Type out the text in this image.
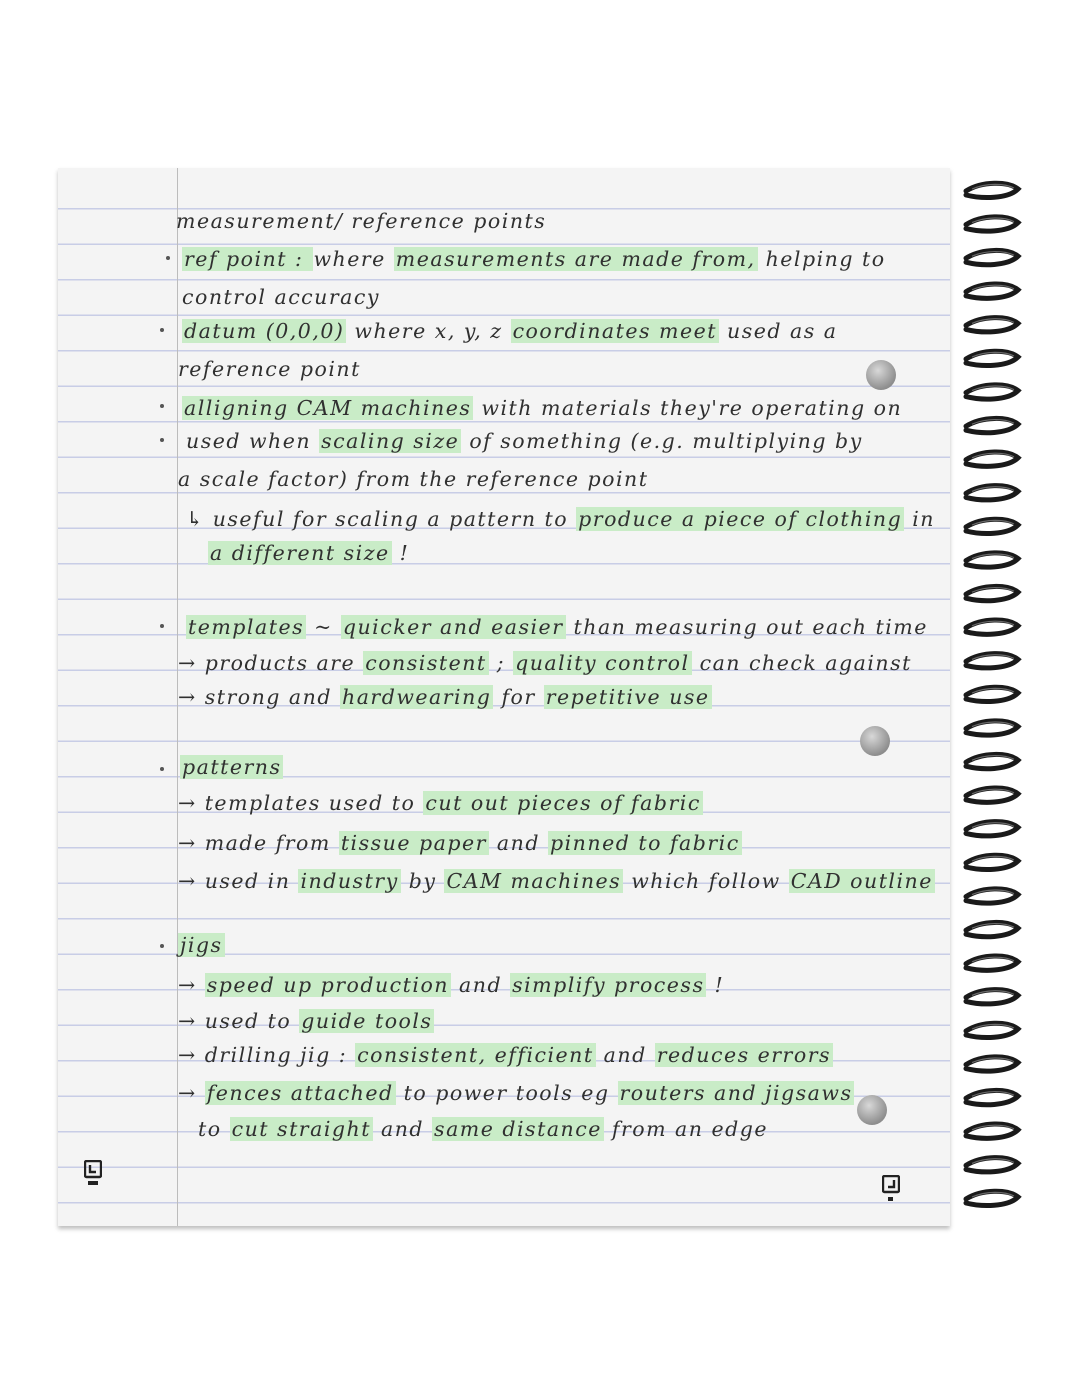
measurement/ reference points
ref point : where measurements are made from, helping to
control accuracy
datum (0,0,0) where x, y, z coordinates meet used as a
reference point
alligning CAM machines with materials they're operating on
used when scaling size of something (e.g. multiplying by
a scale factor) from the reference point
↳ useful for scaling a pattern to produce a piece of clothing in
a different size !
templates ~ quicker and easier than measuring out each time
→ products are consistent ; quality control can check against
→ strong and hardwearing for repetitive use
patterns
→ templates used to cut out pieces of fabric
→ made from tissue paper and pinned to fabric
→ used in industry by CAM machines which follow CAD outline
jigs
→ speed up production and simplify process !
→ used to guide tools
→ drilling jig : consistent, efficient and reduces errors
→ fences attached to power tools eg routers and jigsaws
to cut straight and same distance from an edge
